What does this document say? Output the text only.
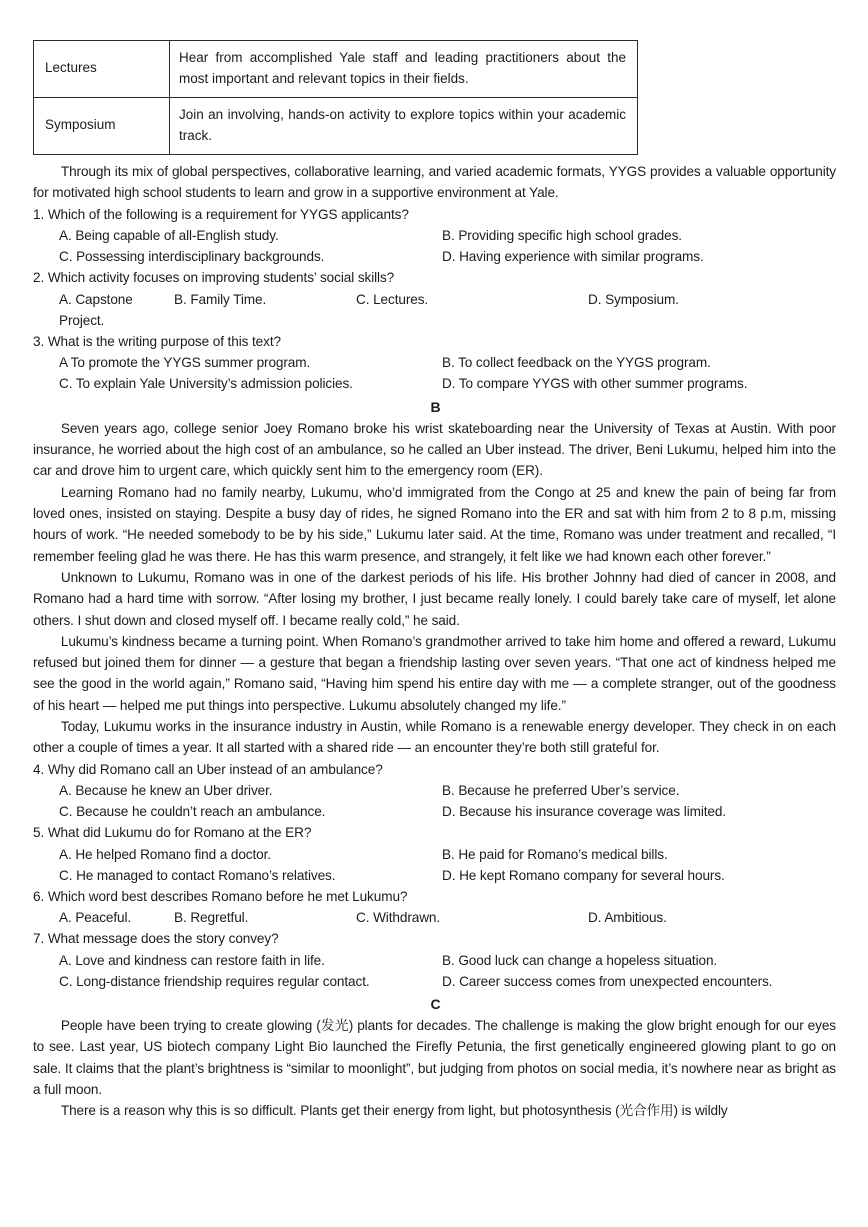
Lectures	Hear from accomplished Yale staff and leading practitioners about the most important and relevant topics in their fields.
Symposium	Join an involving, hands-on activity to explore topics within your academic track.

Through its mix of global perspectives, collaborative learning, and varied academic formats, YYGS provides a valuable opportunity for motivated high school students to learn and grow in a supportive environment at Yale.

1. Which of the following is a requirement for YYGS applicants?

A. Being capable of all-English study.	B. Providing specific high school grades.
C. Possessing interdisciplinary backgrounds.	D. Having experience with similar programs.

2. Which activity focuses on improving students’ social skills?

A. Capstone Project.
B. Family Time.	C. Lectures.	D. Symposium.

3. What is the writing purpose of this text?

A To promote the YYGS summer program.	B. To collect feedback on the YYGS program.
C. To explain Yale University’s admission policies.	D. To compare YYGS with other summer programs.
B

Seven years ago, college senior Joey Romano broke his wrist skateboarding near the University of Texas at Austin. With poor insurance, he worried about the high cost of an ambulance, so he called an Uber instead. The driver, Beni Lukumu, helped him into the car and drove him to urgent care, which quickly sent him to the emergency room (ER).

Learning Romano had no family nearby, Lukumu, who’d immigrated from the Congo at 25 and knew the pain of being far from loved ones, insisted on staying. Despite a busy day of rides, he signed Romano into the ER and sat with him from 2 to 8 p.m, missing hours of work. “He needed somebody to be by his side,” Lukumu later said. At the time, Romano was under treatment and recalled, “I remember feeling glad he was there. He has this warm presence, and strangely, it felt like we had known each other forever.”

Unknown to Lukumu, Romano was in one of the darkest periods of his life. His brother Johnny had died of cancer in 2008, and Romano had a hard time with sorrow. “After losing my brother, I just became really lonely. I could barely take care of myself, let alone others. I shut down and closed myself off. I became really cold,” he said.

Lukumu’s kindness became a turning point. When Romano’s grandmother arrived to take him home and offered a reward, Lukumu refused but joined them for dinner — a gesture that began a friendship lasting over seven years. “That one act of kindness helped me see the good in the world again,” Romano said, “Having him spend his entire day with me — a complete stranger, out of the goodness of his heart — helped me put things into perspective. Lukumu absolutely changed my life.”

Today, Lukumu works in the insurance industry in Austin, while Romano is a renewable energy developer. They check in on each other a couple of times a year. It all started with a shared ride — an encounter they’re both still grateful for.

4. Why did Romano call an Uber instead of an ambulance?

A. Because he knew an Uber driver.	B. Because he preferred Uber’s service.
C. Because he couldn’t reach an ambulance.	D. Because his insurance coverage was limited.

5. What did Lukumu do for Romano at the ER?

A. He helped Romano find a doctor.	B. He paid for Romano’s medical bills.
C. He managed to contact Romano’s relatives.	D. He kept Romano company for several hours.

6. Which word best describes Romano before he met Lukumu?

A. Peaceful.	B. Regretful.	C. Withdrawn.	D. Ambitious.

7. What message does the story convey?

A. Love and kindness can restore faith in life.	B. Good luck can change a hopeless situation.
C. Long-distance friendship requires regular contact.	D. Career success comes from unexpected encounters.
C

People have been trying to create glowing (发光) plants for decades. The challenge is making the glow bright enough for our eyes to see. Last year, US biotech company Light Bio launched the Firefly Petunia, the first genetically engineered glowing plant to go on sale. It claims that the plant’s brightness is “similar to moonlight”, but judging from photos on social media, it’s nowhere near as bright as a full moon.

There is a reason why this is so difficult. Plants get their energy from light, but photosynthesis (光合作用) is wildly
